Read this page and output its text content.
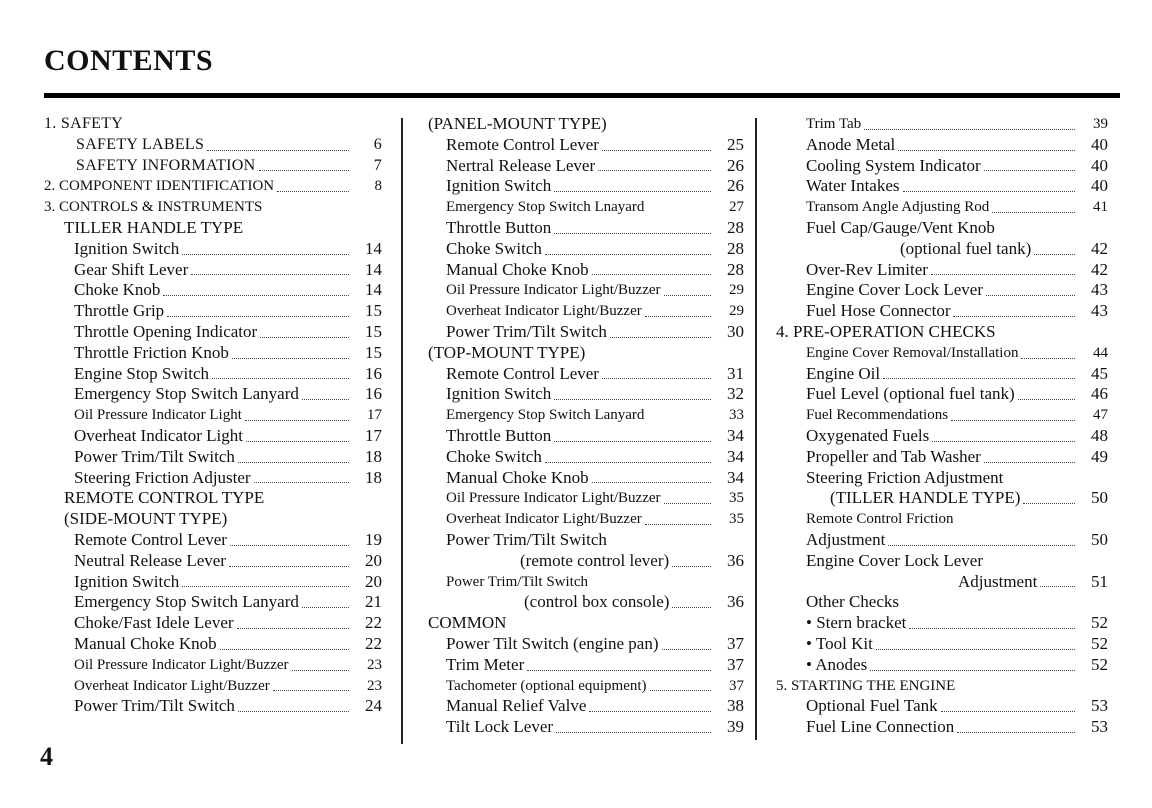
CONTENTS
1. SAFETY
SAFETY LABELS	6
SAFETY INFORMATION	7
2. COMPONENT IDENTIFICATION	8
3. CONTROLS & INSTRUMENTS
TILLER HANDLE TYPE
Ignition Switch	14
Gear Shift Lever	14
Choke Knob	14
Throttle Grip	15
Throttle Opening Indicator	15
Throttle Friction Knob	15
Engine Stop Switch	16
Emergency Stop Switch Lanyard	16
Oil Pressure Indicator Light	17
Overheat Indicator Light	17
Power Trim/Tilt Switch	18
Steering Friction Adjuster	18
REMOTE CONTROL TYPE
(SIDE-MOUNT TYPE)
Remote Control Lever	19
Neutral Release Lever	20
Ignition Switch	20
Emergency Stop Switch Lanyard	21
Choke/Fast Idele Lever	22
Manual Choke Knob	22
Oil Pressure Indicator Light/Buzzer	23
Overheat Indicator Light/Buzzer	23
Power Trim/Tilt Switch	24
(PANEL-MOUNT TYPE)
Remote Control Lever	25
Nertral Release Lever	26
Ignition Switch	26
Emergency Stop Switch Lnayard	27
Throttle Button	28
Choke Switch	28
Manual Choke Knob	28
Oil Pressure Indicator Light/Buzzer	29
Overheat Indicator Light/Buzzer	29
Power Trim/Tilt Switch	30
(TOP-MOUNT TYPE)
Remote Control Lever	31
Ignition Switch	32
Emergency Stop Switch Lanyard	33
Throttle Button	34
Choke Switch	34
Manual Choke Knob	34
Oil Pressure Indicator Light/Buzzer	35
Overheat Indicator Light/Buzzer	35
Power Trim/Tilt Switch
(remote control lever)	36
Power Trim/Tilt Switch
(control box console)	36
COMMON
Power Tilt Switch (engine pan)	37
Trim Meter	37
Tachometer (optional equipment)	37
Manual Relief Valve	38
Tilt Lock Lever	39
Trim Tab	39
Anode Metal	40
Cooling System Indicator	40
Water Intakes	40
Transom Angle Adjusting Rod	41
Fuel Cap/Gauge/Vent Knob
(optional fuel tank)	42
Over-Rev Limiter	42
Engine Cover Lock Lever	43
Fuel Hose Connector	43
4. PRE-OPERATION CHECKS
Engine Cover Removal/Installation	44
Engine Oil	45
Fuel Level (optional fuel tank)	46
Fuel Recommendations	47
Oxygenated Fuels	48
Propeller and Tab Washer	49
Steering Friction Adjustment
(TILLER HANDLE TYPE)	50
Remote Control Friction
Adjustment	50
Engine Cover Lock Lever
Adjustment	51
Other Checks
• Stern bracket	52
• Tool Kit	52
• Anodes	52
5. STARTING THE ENGINE
Optional Fuel Tank	53
Fuel Line Connection	53
4
